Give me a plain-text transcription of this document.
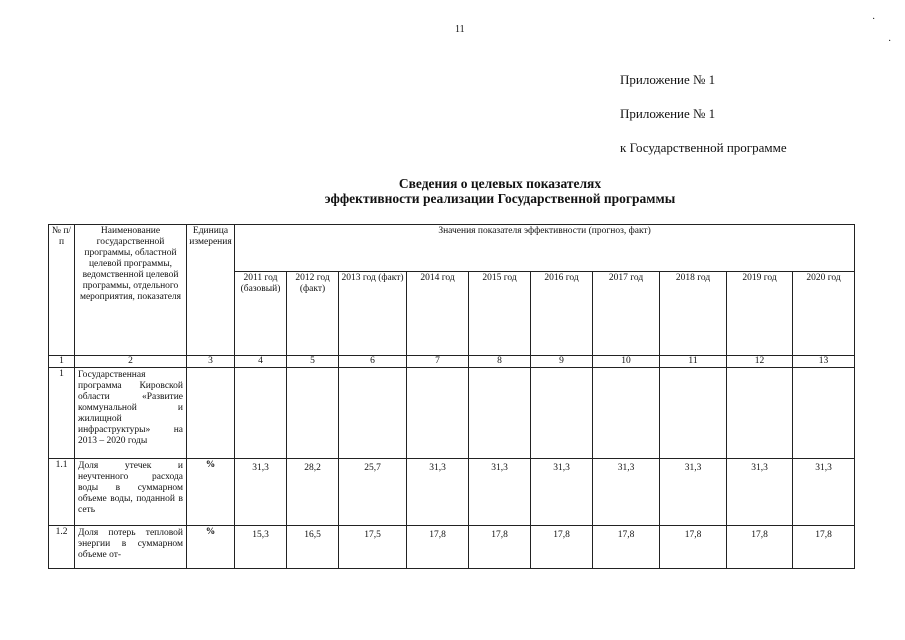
11
·
·
Приложение № 1
Приложение № 1
к Государственной программе
Сведения о целевых показателях
эффективности реализации Государственной программы
№ п/п	Наименование государственной программы, областной целевой программы, ведомственной целевой программы, отдельного мероприятия, показателя	Единица измерения	Значения показателя эффективности (прогноз, факт)									
			2011 год (базовый)	2012 год (факт)	2013 год (факт)	2014 год	2015 год	2016 год	2017 год	2018 год	2019 год	2020 год
1	2	3	4	5	6	7	8	9	10	11	12	13
1	Государственная программа Кировской области «Развитие коммунальной и жилищной инфраструктуры» на 2013 – 2020 годы											
1.1	Доля утечек и неучтенного расхода воды в суммарном объеме воды, поданной в сеть	%	31,3	28,2	25,7	31,3	31,3	31,3	31,3	31,3	31,3	31,3
1.2	Доля потерь тепловой энергии в суммарном объеме от-	%	15,3	16,5	17,5	17,8	17,8	17,8	17,8	17,8	17,8	17,8
